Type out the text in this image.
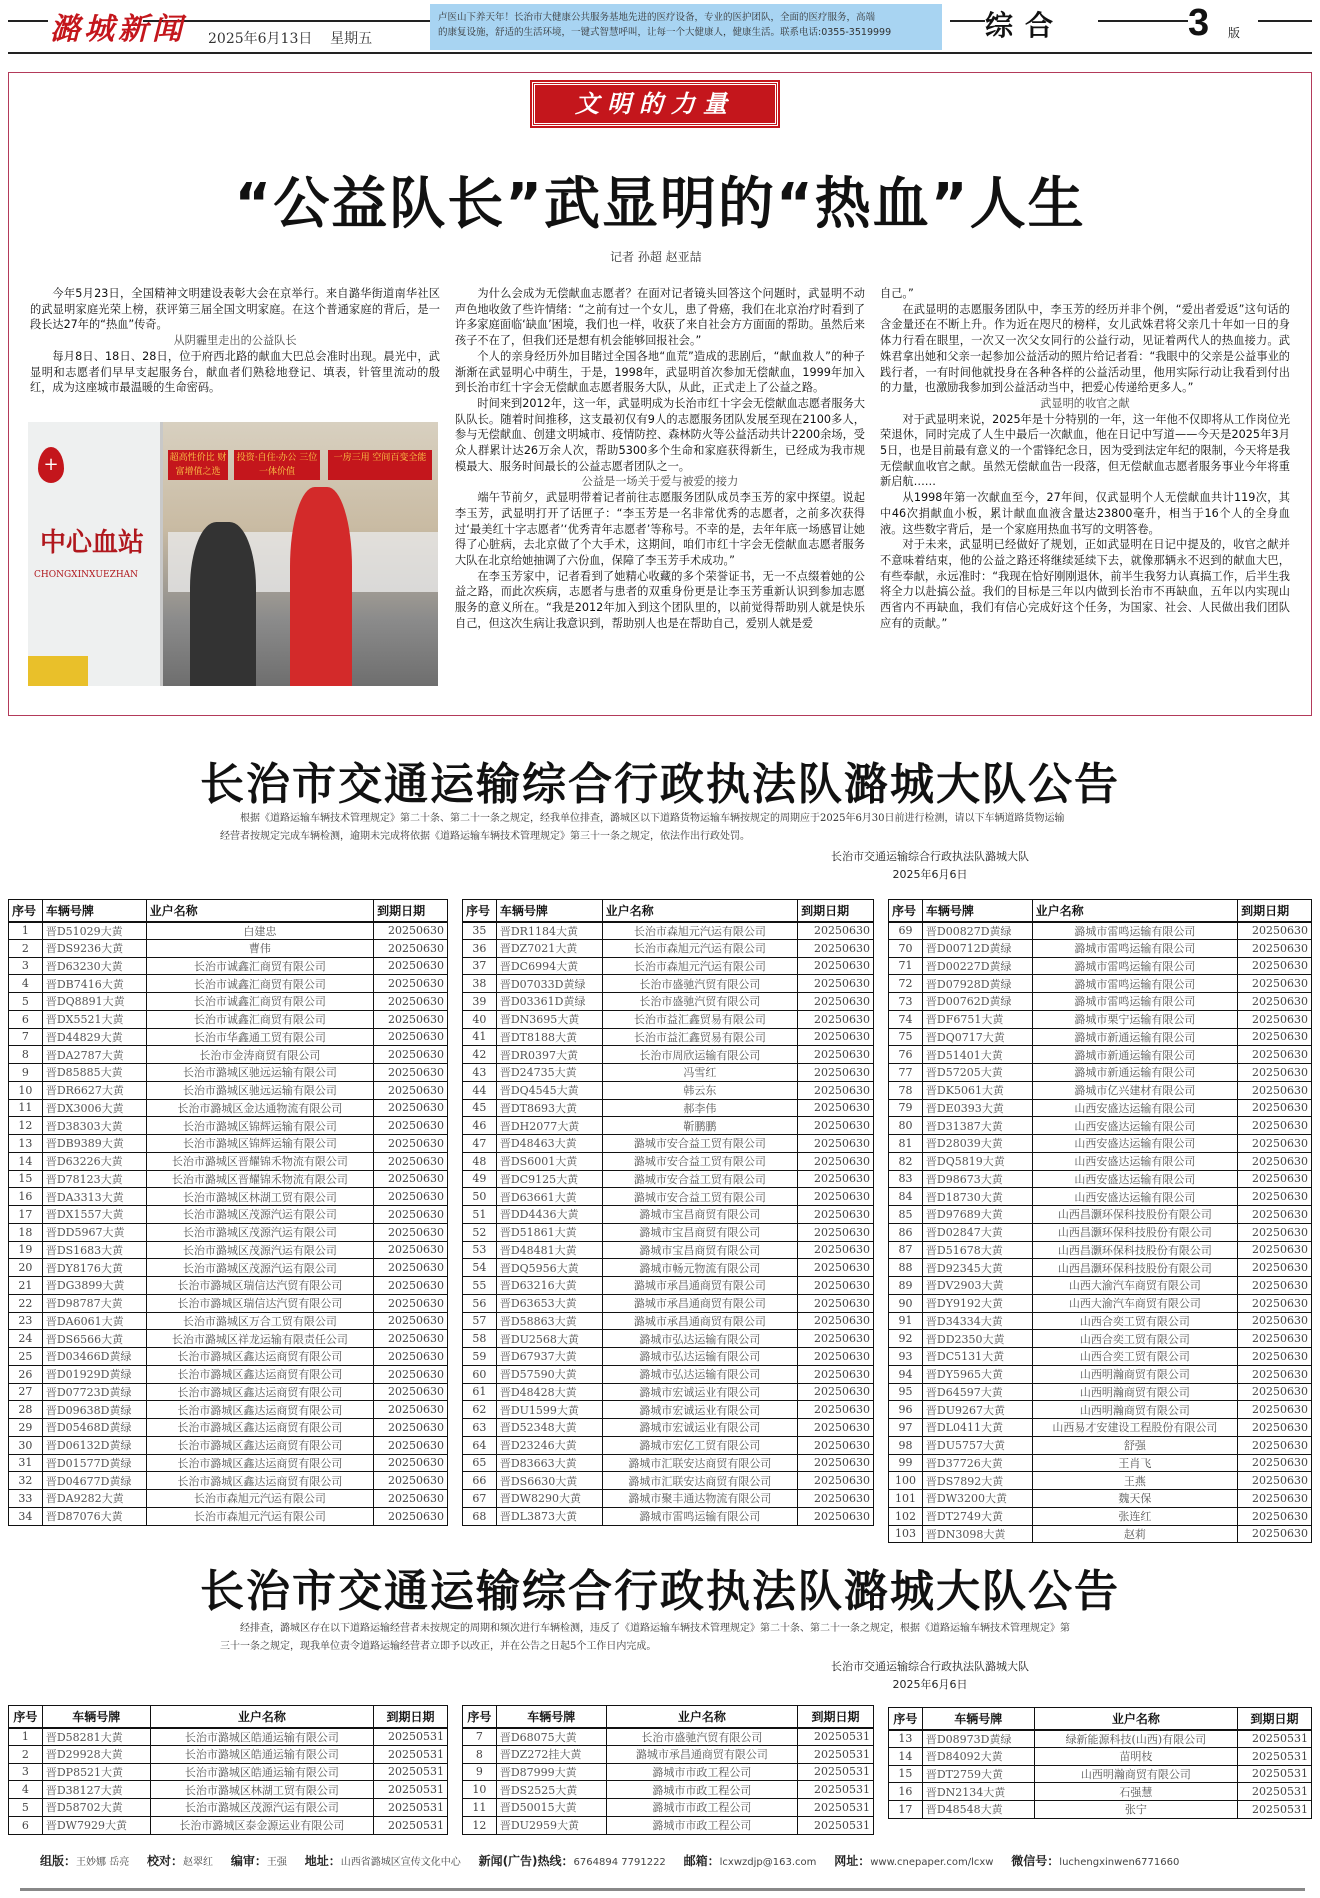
潞城新闻 2025年6月13日 星期五
卢医山下养天年！长治市大健康公共服务基地先进的医疗设备，专业的医护团队，全面的医疗服务，高端
的康复设施，舒适的生活环境，一键式智慧呼叫，让每一个大健康人，健康生活。联系电话:0355-3519999	综合	3 版
文明的力量
“公益队长”武显明的“热血”人生
记者 孙超 赵亚喆

今年5月23日，全国精神文明建设表彰大会在京举行。来自潞华街道南华社区的武显明家庭光荣上榜，获评第三届全国文明家庭。在这个普通家庭的背后，是一段长达27年的“热血”传奇。

从阴霾里走出的公益队长

每月8日、18日、28日，位于府西北路的献血大巴总会准时出现。晨光中，武显明和志愿者们早早支起服务台，献血者们熟稔地登记、填表，针管里流动的殷红，成为这座城市最温暖的生命密码。

+
中心血站
CHONGXINXUEZHAN
超高性价比 财富增值之选
投资·自住·办公 三位一体价值
一房三用 空间百变全能

为什么会成为无偿献血志愿者？在面对记者镜头回答这个问题时，武显明不动声色地收敛了些许情绪：“之前有过一个女儿，患了骨癌，我们在北京治疗时看到了许多家庭面临‘缺血’困境，我们也一样，收获了来自社会方方面面的帮助。虽然后来孩子不在了，但我们还是想有机会能够回报社会。”

个人的亲身经历外加目睹过全国各地“血荒”造成的悲剧后，“献血救人”的种子渐渐在武显明心中萌生，于是，1998年，武显明首次参加无偿献血，1999年加入到长治市红十字会无偿献血志愿者服务大队，从此，正式走上了公益之路。

时间来到2012年，这一年，武显明成为长治市红十字会无偿献血志愿者服务大队队长。随着时间推移，这支最初仅有9人的志愿服务团队发展至现在2100多人，参与无偿献血、创建文明城市、疫情防控、森林防火等公益活动共计2200余场，受众人群累计达26万余人次，帮助5300多个生命和家庭获得新生，已经成为我市规模最大、服务时间最长的公益志愿者团队之一。

公益是一场关于爱与被爱的接力

端午节前夕，武显明带着记者前往志愿服务团队成员李玉芳的家中探望。说起李玉芳，武显明打开了话匣子：“李玉芳是一名非常优秀的志愿者，之前多次获得过‘最美红十字志愿者’‘优秀青年志愿者’等称号。不幸的是，去年年底一场感冒让她得了心脏病，去北京做了个大手术，这期间，咱们市红十字会无偿献血志愿者服务大队在北京给她抽调了六份血，保障了李玉芳手术成功。”

在李玉芳家中，记者看到了她精心收藏的多个荣誉证书，无一不点缀着她的公益之路，而此次疾病，志愿者与患者的双重身份更是让李玉芳重新认识到参加志愿服务的意义所在。“我是2012年加入到这个团队里的，以前觉得帮助别人就是快乐自己，但这次生病让我意识到，帮助别人也是在帮助自己，爱别人就是爱

自己。”

在武显明的志愿服务团队中，李玉芳的经历并非个例，“爱出者爱返”这句话的含金量还在不断上升。作为近在咫尺的榜样，女儿武姝君将父亲几十年如一日的身体力行看在眼里，一次又一次父女同行的公益行动，见证着两代人的热血接力。武姝君拿出她和父亲一起参加公益活动的照片给记者看：“我眼中的父亲是公益事业的践行者，一有时间他就投身在各种各样的公益活动里，他用实际行动让我看到付出的力量，也激励我参加到公益活动当中，把爱心传递给更多人。”

武显明的收官之献

对于武显明来说，2025年是十分特别的一年，这一年他不仅即将从工作岗位光荣退休，同时完成了人生中最后一次献血，他在日记中写道——今天是2025年3月5日，也是目前最有意义的一个雷锋纪念日，因为受到法定年纪的限制，今天将是我无偿献血收官之献。虽然无偿献血告一段落，但无偿献血志愿者服务事业今年将重新启航……

从1998年第一次献血至今，27年间，仅武显明个人无偿献血共计119次，其中46次捐献血小板，累计献血血液含量达23800毫升，相当于16个人的全身血液。这些数字背后，是一个家庭用热血书写的文明答卷。

对于未来，武显明已经做好了规划，正如武显明在日记中提及的，收官之献并不意味着结束，他的公益之路还将继续延续下去，就像那辆永不迟到的献血大巴，有些奉献，永远准时：“我现在恰好刚刚退休，前半生我努力认真搞工作，后半生我将全力以赴搞公益。我们的目标是三年以内做到长治市不再缺血，五年以内实现山西省内不再缺血，我们有信心完成好这个任务，为国家、社会、人民做出我们团队应有的贡献。”

长治市交通运输综合行政执法队潞城大队公告
根据《道路运输车辆技术管理规定》第二十条、第二十一条之规定，经我单位排查，潞城区以下道路货物运输车辆按规定的周期应于2025年6月30日前进行检测，请以下车辆道路货物运输经营者按规定完成车辆检测，逾期未完成将依据《道路运输车辆技术管理规定》第三十一条之规定，依法作出行政处罚。
长治市交通运输综合行政执法队潞城大队
2025年6月6日
序号	车辆号牌	业户名称	到期日期
1	晋D51029大黄	白建忠	20250630
2	晋DS9236大黄	曹伟	20250630
3	晋D63230大黄	长治市诚鑫汇商贸有限公司	20250630
4	晋DB7416大黄	长治市诚鑫汇商贸有限公司	20250630
5	晋DQ8891大黄	长治市诚鑫汇商贸有限公司	20250630
6	晋DX5521大黄	长治市诚鑫汇商贸有限公司	20250630
7	晋D44829大黄	长治市华鑫通工贸有限公司	20250630
8	晋DA2787大黄	长治市金涛商贸有限公司	20250630
9	晋D85885大黄	长治市潞城区驰远运输有限公司	20250630
10	晋DR6627大黄	长治市潞城区驰远运输有限公司	20250630
11	晋DX3006大黄	长治市潞城区金达通物流有限公司	20250630
12	晋D38303大黄	长治市潞城区锦辉运输有限公司	20250630
13	晋DB9389大黄	长治市潞城区锦辉运输有限公司	20250630
14	晋D63226大黄	长治市潞城区晋耀锦禾物流有限公司	20250630
15	晋D78123大黄	长治市潞城区晋耀锦禾物流有限公司	20250630
16	晋DA3313大黄	长治市潞城区林湖工贸有限公司	20250630
17	晋DX1557大黄	长治市潞城区茂源汽运有限公司	20250630
18	晋DD5967大黄	长治市潞城区茂源汽运有限公司	20250630
19	晋DS1683大黄	长治市潞城区茂源汽运有限公司	20250630
20	晋DY8176大黄	长治市潞城区茂源汽运有限公司	20250630
21	晋DG3899大黄	长治市潞城区瑞信达汽贸有限公司	20250630
22	晋D98787大黄	长治市潞城区瑞信达汽贸有限公司	20250630
23	晋DA6061大黄	长治市潞城区万合工贸有限公司	20250630
24	晋DS6566大黄	长治市潞城区祥龙运输有限责任公司	20250630
25	晋D03466D黄绿	长治市潞城区鑫达运商贸有限公司	20250630
26	晋D01929D黄绿	长治市潞城区鑫达运商贸有限公司	20250630
27	晋D07723D黄绿	长治市潞城区鑫达运商贸有限公司	20250630
28	晋D09638D黄绿	长治市潞城区鑫达运商贸有限公司	20250630
29	晋D05468D黄绿	长治市潞城区鑫达运商贸有限公司	20250630
30	晋D06132D黄绿	长治市潞城区鑫达运商贸有限公司	20250630
31	晋D01577D黄绿	长治市潞城区鑫达运商贸有限公司	20250630
32	晋D04677D黄绿	长治市潞城区鑫达运商贸有限公司	20250630
33	晋DA9282大黄	长治市森旭元汽运有限公司	20250630
34	晋D87076大黄	长治市森旭元汽运有限公司	20250630
序号	车辆号牌	业户名称	到期日期
35	晋DR1184大黄	长治市森旭元汽运有限公司	20250630
36	晋DZ7021大黄	长治市森旭元汽运有限公司	20250630
37	晋DC6994大黄	长治市森旭元汽运有限公司	20250630
38	晋D07033D黄绿	长治市盛驰汽贸有限公司	20250630
39	晋D03361D黄绿	长治市盛驰汽贸有限公司	20250630
40	晋DN3695大黄	长治市益汇鑫贸易有限公司	20250630
41	晋DT8188大黄	长治市益汇鑫贸易有限公司	20250630
42	晋DR0397大黄	长治市周欣运输有限公司	20250630
43	晋D24735大黄	冯雪红	20250630
44	晋DQ4545大黄	韩云东	20250630
45	晋DT8693大黄	郝李伟	20250630
46	晋DH2077大黄	靳鹏鹏	20250630
47	晋D48463大黄	潞城市安合益工贸有限公司	20250630
48	晋DS6001大黄	潞城市安合益工贸有限公司	20250630
49	晋DC9125大黄	潞城市安合益工贸有限公司	20250630
50	晋D63661大黄	潞城市安合益工贸有限公司	20250630
51	晋DD4436大黄	潞城市宝昌商贸有限公司	20250630
52	晋D51861大黄	潞城市宝昌商贸有限公司	20250630
53	晋D48481大黄	潞城市宝昌商贸有限公司	20250630
54	晋DQ5956大黄	潞城市畅元物流有限公司	20250630
55	晋D63216大黄	潞城市承昌通商贸有限公司	20250630
56	晋D63653大黄	潞城市承昌通商贸有限公司	20250630
57	晋D58863大黄	潞城市承昌通商贸有限公司	20250630
58	晋DU2568大黄	潞城市弘达运输有限公司	20250630
59	晋D67937大黄	潞城市弘达运输有限公司	20250630
60	晋D57590大黄	潞城市弘达运输有限公司	20250630
61	晋D48428大黄	潞城市宏诚运业有限公司	20250630
62	晋DU1599大黄	潞城市宏诚运业有限公司	20250630
63	晋D52348大黄	潞城市宏诚运业有限公司	20250630
64	晋D23246大黄	潞城市宏亿工贸有限公司	20250630
65	晋D83663大黄	潞城市汇联安达商贸有限公司	20250630
66	晋DS6630大黄	潞城市汇联安达商贸有限公司	20250630
67	晋DW8290大黄	潞城市聚丰通达物流有限公司	20250630
68	晋DL3873大黄	潞城市雷鸣运输有限公司	20250630
序号	车辆号牌	业户名称	到期日期
69	晋D00827D黄绿	潞城市雷鸣运输有限公司	20250630
70	晋D00712D黄绿	潞城市雷鸣运输有限公司	20250630
71	晋D00227D黄绿	潞城市雷鸣运输有限公司	20250630
72	晋D07928D黄绿	潞城市雷鸣运输有限公司	20250630
73	晋D00762D黄绿	潞城市雷鸣运输有限公司	20250630
74	晋DF6751大黄	潞城市栗宁运输有限公司	20250630
75	晋DQ0717大黄	潞城市新通运输有限公司	20250630
76	晋D51401大黄	潞城市新通运输有限公司	20250630
77	晋D57205大黄	潞城市新通运输有限公司	20250630
78	晋DK5061大黄	潞城市亿兴建材有限公司	20250630
79	晋DE0393大黄	山西安盛达运输有限公司	20250630
80	晋D31387大黄	山西安盛达运输有限公司	20250630
81	晋D28039大黄	山西安盛达运输有限公司	20250630
82	晋DQ5819大黄	山西安盛达运输有限公司	20250630
83	晋D98673大黄	山西安盛达运输有限公司	20250630
84	晋D18730大黄	山西安盛达运输有限公司	20250630
85	晋D97689大黄	山西昌灏环保科技股份有限公司	20250630
86	晋D02847大黄	山西昌灏环保科技股份有限公司	20250630
87	晋D51678大黄	山西昌灏环保科技股份有限公司	20250630
88	晋D92345大黄	山西昌灏环保科技股份有限公司	20250630
89	晋DV2903大黄	山西大渝汽车商贸有限公司	20250630
90	晋DY9192大黄	山西大渝汽车商贸有限公司	20250630
91	晋D34334大黄	山西合奕工贸有限公司	20250630
92	晋DD2350大黄	山西合奕工贸有限公司	20250630
93	晋DC5131大黄	山西合奕工贸有限公司	20250630
94	晋DY5965大黄	山西明瀚商贸有限公司	20250630
95	晋D64597大黄	山西明瀚商贸有限公司	20250630
96	晋DU9267大黄	山西明瀚商贸有限公司	20250630
97	晋DL0411大黄	山西易才安建设工程股份有限公司	20250630
98	晋DU5757大黄	舒强	20250630
99	晋D37726大黄	王肖飞	20250630
100	晋DS7892大黄	王燕	20250630
101	晋DW3200大黄	魏天保	20250630
102	晋DT2749大黄	张连红	20250630
103	晋DN3098大黄	赵莉	20250630
长治市交通运输综合行政执法队潞城大队公告
经排查，潞城区存在以下道路运输经营者未按规定的周期和频次进行车辆检测，违反了《道路运输车辆技术管理规定》第二十条、第二十一条之规定，根据《道路运输车辆技术管理规定》第三十一条之规定，现我单位责令道路运输经营者立即予以改正，并在公告之日起5个工作日内完成。
长治市交通运输综合行政执法队潞城大队
2025年6月6日
序号	车辆号牌	业户名称	到期日期
1	晋D58281大黄	长治市潞城区皓通运输有限公司	20250531
2	晋D29928大黄	长治市潞城区皓通运输有限公司	20250531
3	晋DP8521大黄	长治市潞城区皓通运输有限公司	20250531
4	晋D38127大黄	长治市潞城区林湖工贸有限公司	20250531
5	晋D58702大黄	长治市潞城区茂源汽运有限公司	20250531
6	晋DW7929大黄	长治市潞城区泰金源运业有限公司	20250531
序号	车辆号牌	业户名称	到期日期
7	晋D68075大黄	长治市盛驰汽贸有限公司	20250531
8	晋DZ272挂大黄	潞城市承昌通商贸有限公司	20250531
9	晋D87999大黄	潞城市市政工程公司	20250531
10	晋DS2525大黄	潞城市市政工程公司	20250531
11	晋D50015大黄	潞城市市政工程公司	20250531
12	晋DU2959大黄	潞城市市政工程公司	20250531
序号	车辆号牌	业户名称	到期日期
13	晋D08973D黄绿	绿新能源科技(山西)有限公司	20250531
14	晋D84092大黄	苗明枝	20250531
15	晋DT2759大黄	山西明瀚商贸有限公司	20250531
16	晋DN2134大黄	石强慧	20250531
17	晋D48548大黄	张宁	20250531
组版：王妙娜 岳亮 校对：赵翠红 编审：王强 地址：山西省潞城区宣传文化中心 新闻(广告)热线：6764894 7791222 邮箱：lcxwzdjp@163.com 网址：www.cnepaper.com/lcxw 微信号：luchengxinwen6771660
